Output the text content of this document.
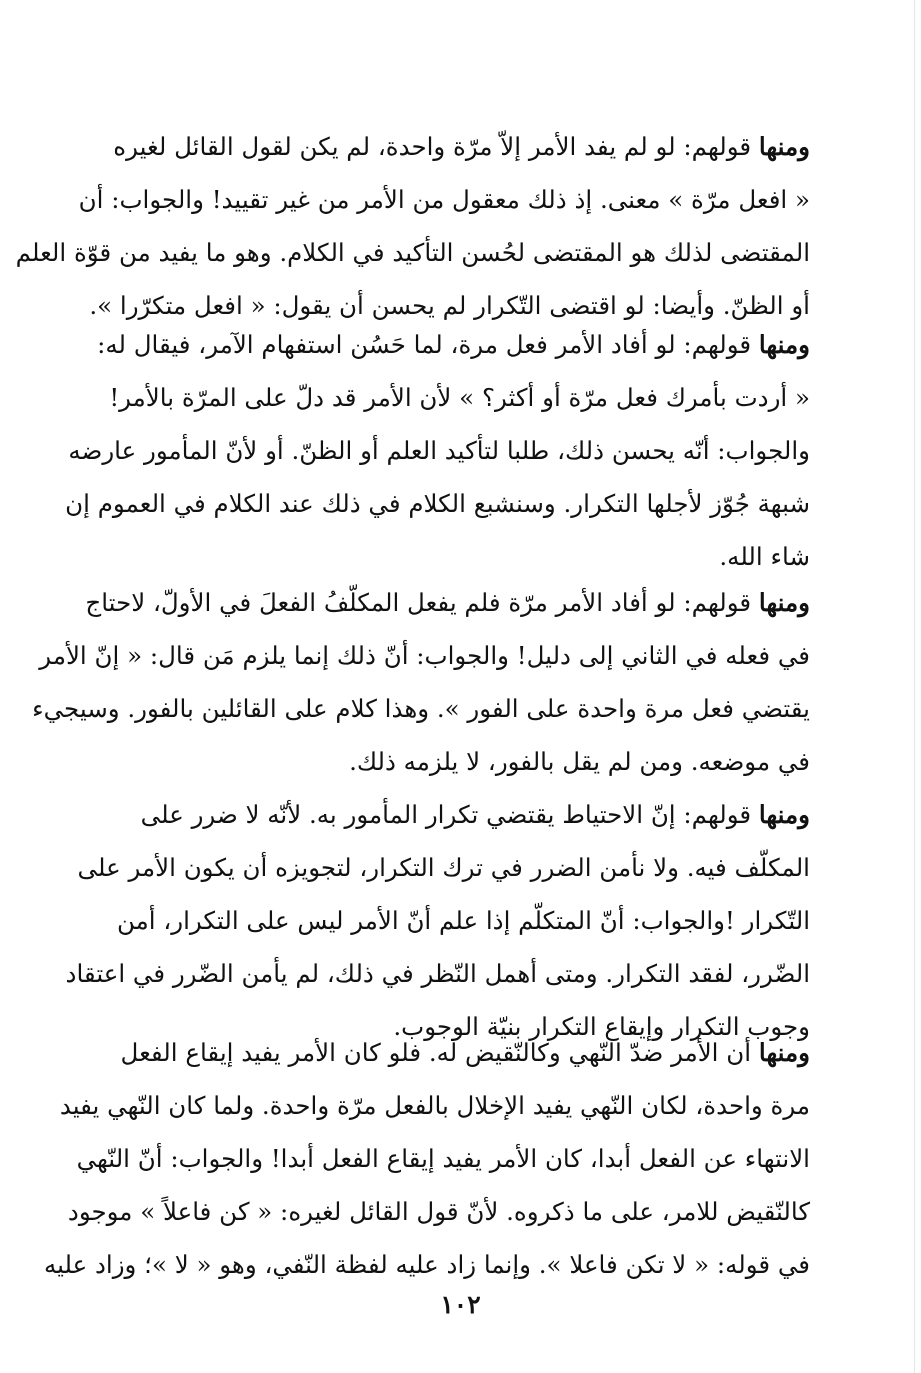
ومنها قولهم: لو لم يفد الأمر إلاّ مرّة واحدة، لم يكن لقول القائل لغيره
« افعل مرّة » معنى. إذ ذلك معقول من الأمر من غير تقييد! والجواب: أن
المقتضى لذلك هو المقتضى لحُسن التأكيد في الكلام. وهو ما يفيد من قوّة العلم
أو الظنّ. وأيضا: لو اقتضى التّكرار لم يحسن أن يقول: « افعل متكرّرا ».
ومنها قولهم: لو أفاد الأمر فعل مرة، لما حَسُن استفهام الآمر، فيقال له:
« أردت بأمرك فعل مرّة أو أكثر؟ » لأن الأمر قد دلّ على المرّة بالأمر!
والجواب: أنّه يحسن ذلك، طلبا لتأكيد العلم أو الظنّ. أو لأنّ المأمور عارضه
شبهة جُوّز لأجلها التكرار. وسنشبع الكلام في ذلك عند الكلام في العموم إن
شاء الله.
ومنها قولهم: لو أفاد الأمر مرّة فلم يفعل المكلّفُ الفعلَ في الأولّ، لاحتاج
في فعله في الثاني إلى دليل! والجواب: أنّ ذلك إنما يلزم مَن قال: « إنّ الأمر
يقتضي فعل مرة واحدة على الفور ». وهذا كلام على القائلين بالفور. وسيجيء
في موضعه. ومن لم يقل بالفور، لا يلزمه ذلك.
ومنها قولهم: إنّ الاحتياط يقتضي تكرار المأمور به. لأنّه لا ضرر على
المكلّف فيه. ولا نأمن الضرر في ترك التكرار، لتجويزه أن يكون الأمر على
التّكرار !والجواب: أنّ المتكلّم إذا علم أنّ الأمر ليس على التكرار، أمن
الضّرر، لفقد التكرار. ومتى أهمل النّظر في ذلك، لم يأمن الضّرر في اعتقاد
وجوب التكرار وإيقاع التكرار بنيّة الوجوب.
ومنها أن الأمر ضدّ النّهي وكالنّقيض له. فلو كان الأمر يفيد إيقاع الفعل
مرة واحدة، لكان النّهي يفيد الإخلال بالفعل مرّة واحدة. ولما كان النّهي يفيد
الانتهاء عن الفعل أبدا، كان الأمر يفيد إيقاع الفعل أبدا! والجواب: أنّ النّهي
كالنّقيض للامر، على ما ذكروه. لأنّ قول القائل لغيره: « كن فاعلاً » موجود
في قوله: « لا تكن فاعلا ». وإنما زاد عليه لفظة النّفي، وهو « لا »؛ وزاد عليه
١٠٢
